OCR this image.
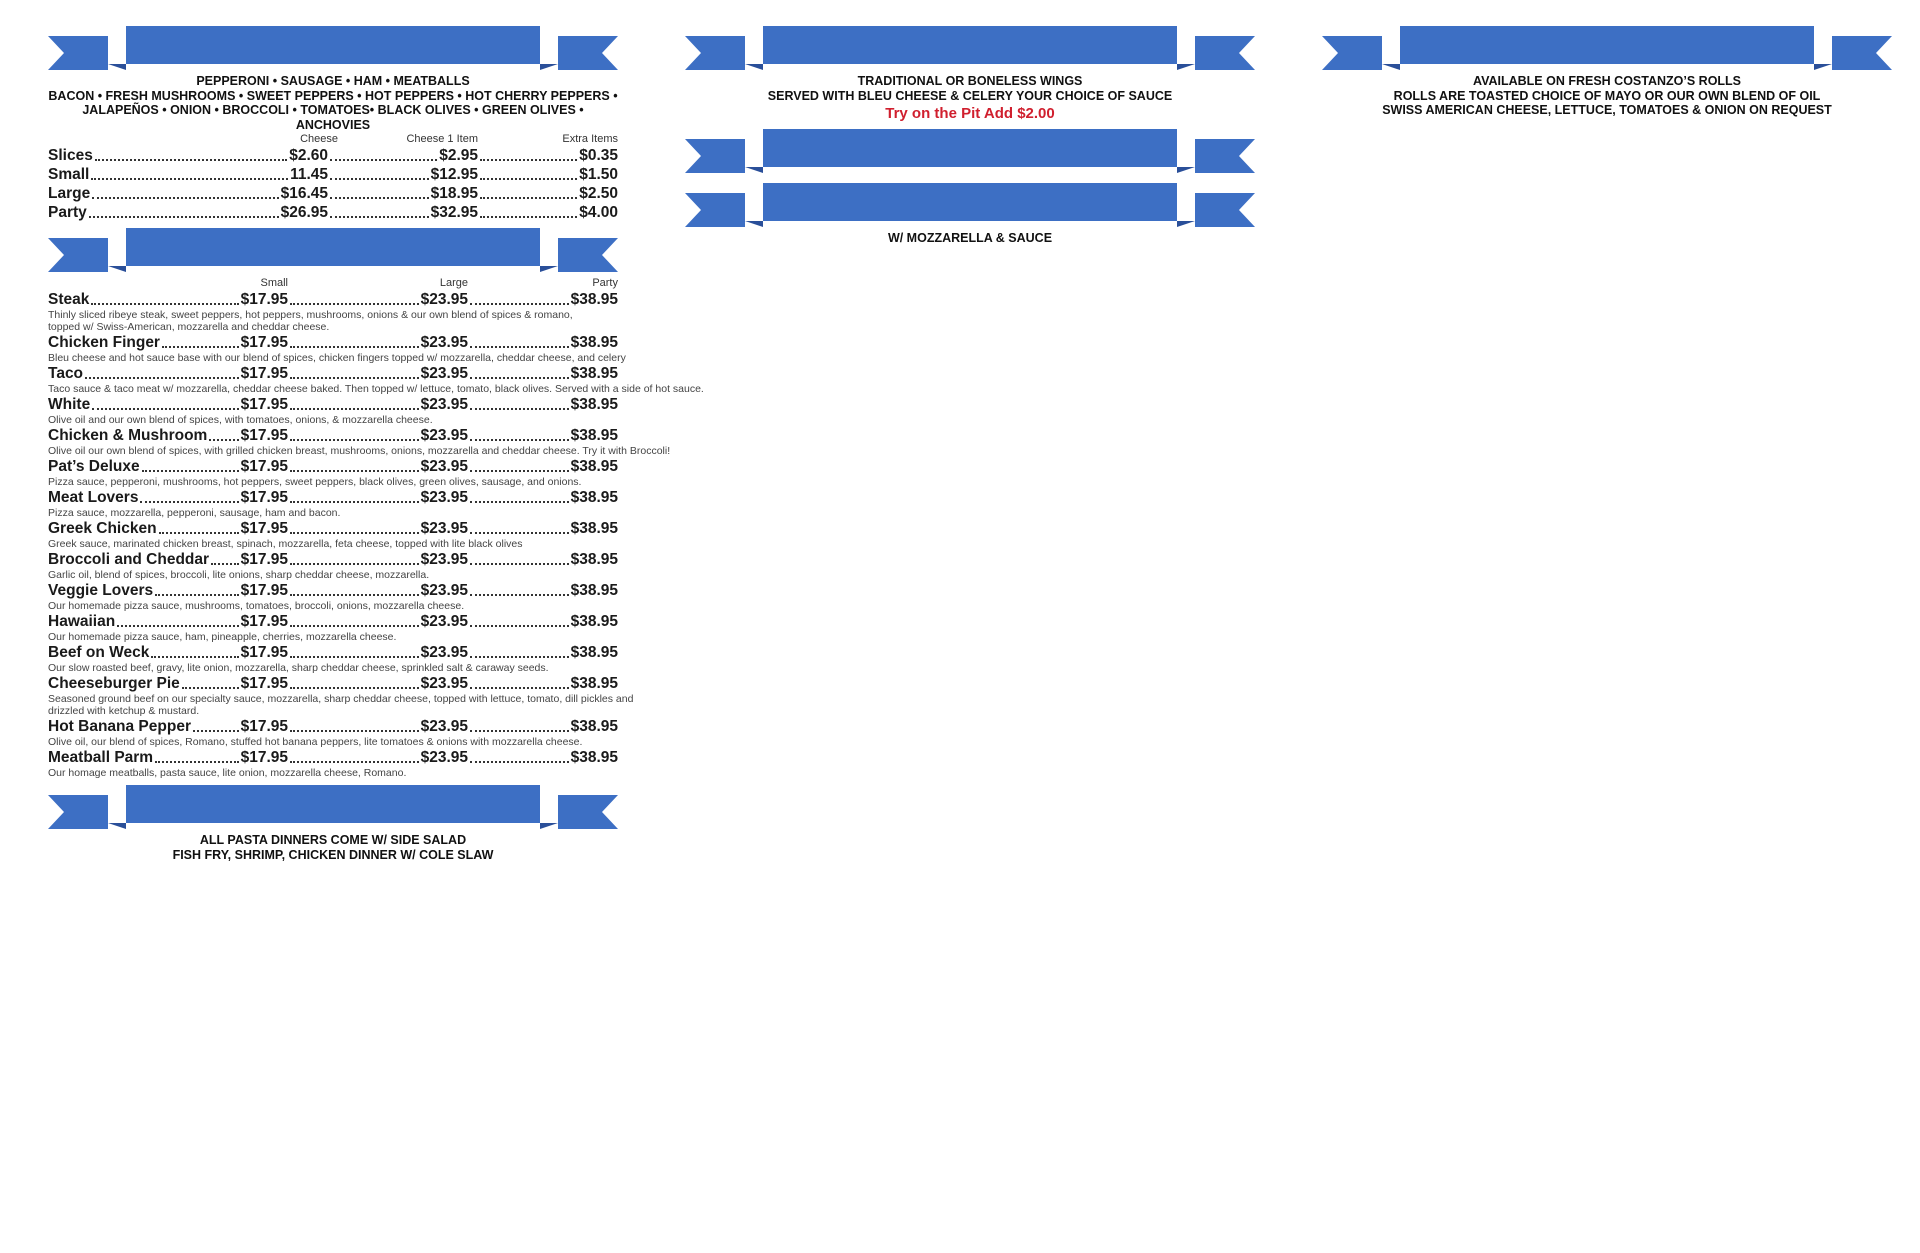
PEPPERONI • SAUSAGE • HAM • MEATBALLS
BACON • FRESH MUSHROOMS • SWEET PEPPERS • HOT PEPPERS • HOT CHERRY PEPPERS •
JALAPEÑOS • ONION • BROCCOLI • TOMATOES• BLACK OLIVES • GREEN OLIVES • ANCHOVIES
Cheese	Cheese 1 Item	Extra Items
Slices	$2.60	$2.95	$0.35
Small	11.45	$12.95	$1.50
Large	$16.45	$18.95	$2.50
Party	$26.95	$32.95	$4.00
Small	Large	Party
Steak	$17.95	$23.95	$38.95
Thinly sliced ribeye steak, sweet peppers, hot peppers, mushrooms, onions & our own blend of spices & romano,
topped w/ Swiss-American, mozzarella and cheddar cheese.
Chicken Finger	$17.95	$23.95	$38.95
Bleu cheese and hot sauce base with our blend of spices, chicken fingers topped w/ mozzarella, cheddar cheese, and celery
Taco	$17.95	$23.95	$38.95
Taco sauce & taco meat w/ mozzarella, cheddar cheese baked. Then topped w/ lettuce, tomato, black olives. Served with a side of hot sauce.
White	$17.95	$23.95	$38.95
Olive oil and our own blend of spices, with tomatoes, onions, & mozzarella cheese.
Chicken & Mushroom $17.95	$23.95	$38.95
Olive oil our own blend of spices, with grilled chicken breast, mushrooms, onions, mozzarella and cheddar cheese. Try it with Broccoli!
Pat’s Deluxe	$17.95	$23.95	$38.95
Pizza sauce, pepperoni, mushrooms, hot peppers, sweet peppers, black olives, green olives, sausage, and onions.
Meat Lovers	$17.95	$23.95	$38.95
Pizza sauce, mozzarella, pepperoni, sausage, ham and bacon.
Greek Chicken	$17.95	$23.95	$38.95
Greek sauce, marinated chicken breast, spinach, mozzarella, feta cheese, topped with lite black olives
Broccoli and Cheddar $17.95	$23.95	$38.95
Garlic oil, blend of spices, broccoli, lite onions, sharp cheddar cheese, mozzarella.
Veggie Lovers	$17.95	$23.95	$38.95
Our homemade pizza sauce, mushrooms, tomatoes, broccoli, onions, mozzarella cheese.
Hawaiian	$17.95	$23.95	$38.95
Our homemade pizza sauce, ham, pineapple, cherries, mozzarella cheese.
Beef on Weck	$17.95	$23.95	$38.95
Our slow roasted beef, gravy, lite onion, mozzarella, sharp cheddar cheese, sprinkled salt & caraway seeds.
Cheeseburger Pie	$17.95	$23.95	$38.95
Seasoned ground beef on our specialty sauce, mozzarella, sharp cheddar cheese, topped with lettuce, tomato, dill pickles and
drizzled with ketchup & mustard.
Hot Banana Pepper	$17.95	$23.95	$38.95
Olive oil, our blend of spices, Romano, stuffed hot banana peppers, lite tomatoes & onions with mozzarella cheese.
Meatball Parm	$17.95	$23.95	$38.95
Our homage meatballs, pasta sauce, lite onion, mozzarella cheese, Romano.
ALL PASTA DINNERS COME W/ SIDE SALAD
FISH FRY, SHRIMP, CHICKEN DINNER W/ COLE SLAW
TRADITIONAL OR BONELESS WINGS
SERVED WITH BLEU CHEESE & CELERY YOUR CHOICE OF SAUCE
Try on the Pit Add $2.00
W/ MOZZARELLA & SAUCE
AVAILABLE ON FRESH COSTANZO’S ROLLS
ROLLS ARE TOASTED CHOICE OF MAYO OR OUR OWN BLEND OF OIL
SWISS AMERICAN CHEESE, LETTUCE, TOMATOES & ONION ON REQUEST
